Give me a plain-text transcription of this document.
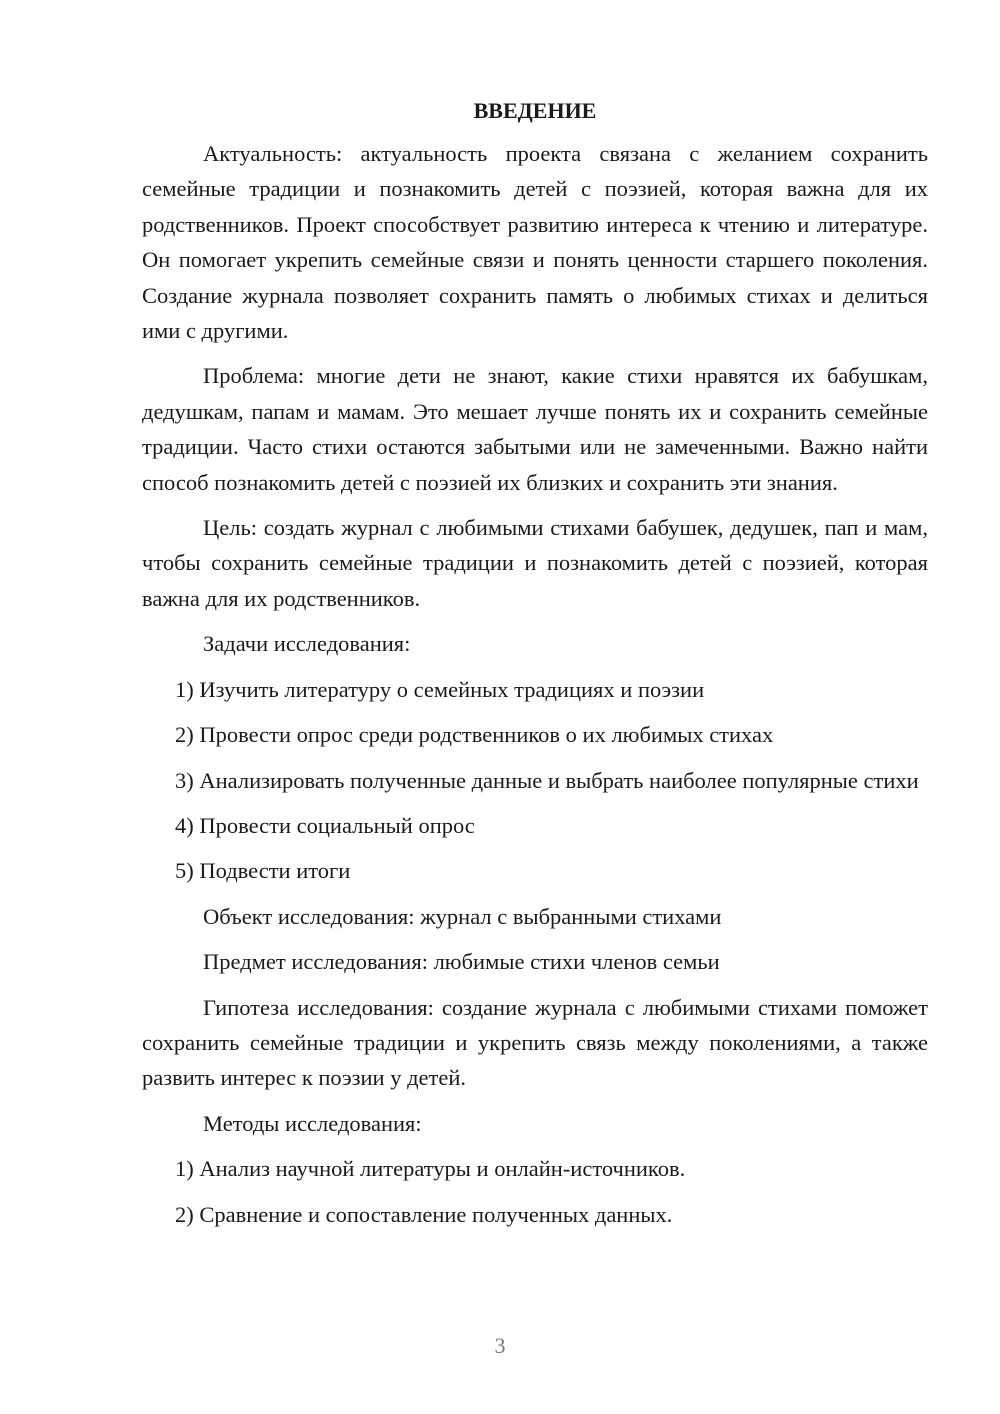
ВВЕДЕНИЕ
Актуальность: актуальность проекта связана с желанием сохранить семейные традиции и познакомить детей с поэзией, которая важна для их родственников. Проект способствует развитию интереса к чтению и литературе. Он помогает укрепить семейные связи и понять ценности старшего поколения. Создание журнала позволяет сохранить память о любимых стихах и делиться ими с другими.
Проблема: многие дети не знают, какие стихи нравятся их бабушкам, дедушкам, папам и мамам. Это мешает лучше понять их и сохранить семейные традиции. Часто стихи остаются забытыми или не замеченными. Важно найти способ познакомить детей с поэзией их близких и сохранить эти знания.
Цель: создать журнал с любимыми стихами бабушек, дедушек, пап и мам, чтобы сохранить семейные традиции и познакомить детей с поэзией, которая важна для их родственников.
Задачи исследования:
1) Изучить литературу о семейных традициях и поэзии
2) Провести опрос среди родственников о их любимых стихах
3) Анализировать полученные данные и выбрать наиболее популярные стихи
4) Провести социальный опрос
5) Подвести итоги
Объект исследования: журнал с выбранными стихами
Предмет исследования: любимые стихи членов семьи
Гипотеза исследования: создание журнала с любимыми стихами поможет сохранить семейные традиции и укрепить связь между поколениями, а также развить интерес к поэзии у детей.
Методы исследования:
1) Анализ научной литературы и онлайн-источников.
2) Сравнение и сопоставление полученных данных.
3
